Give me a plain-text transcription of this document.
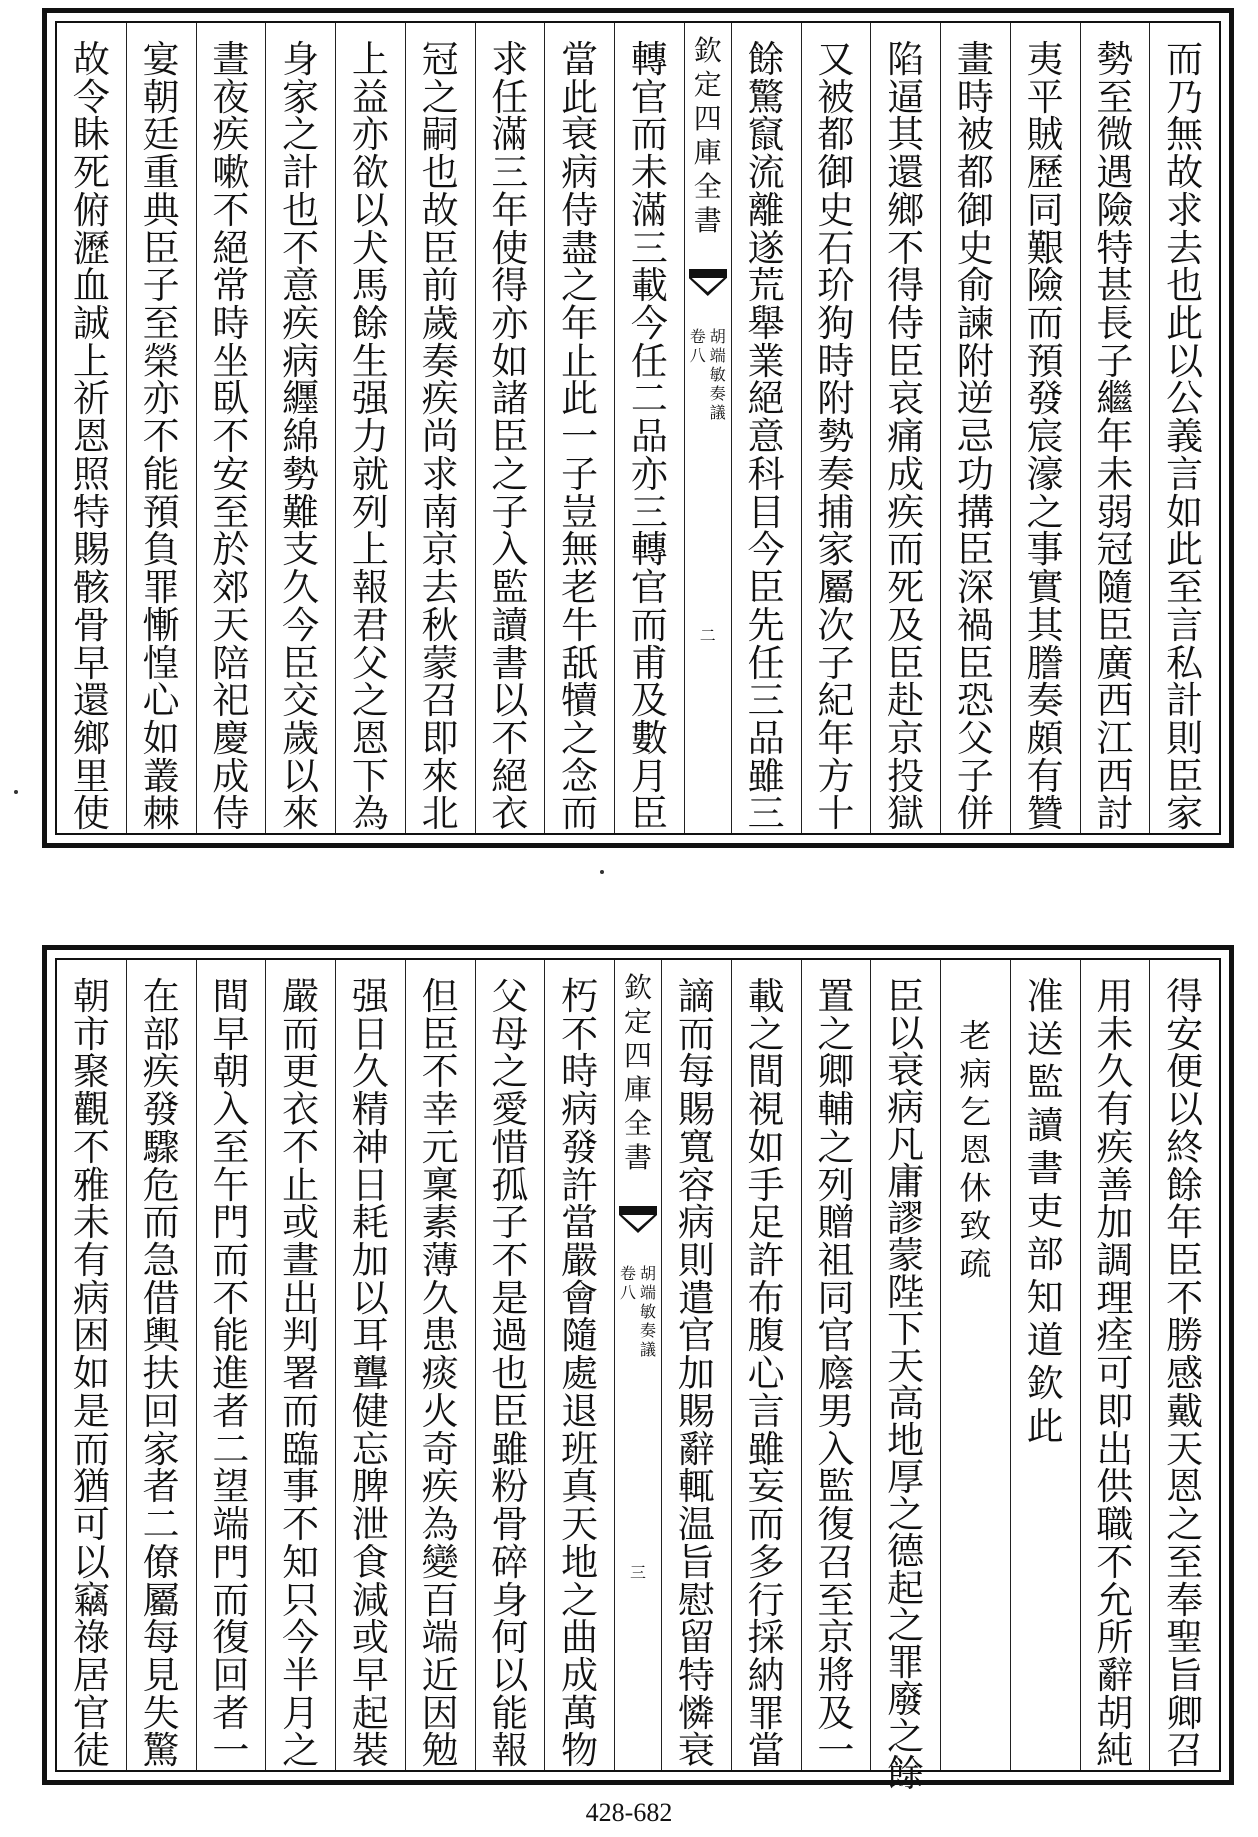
而
乃
無
故
求
去
也
此
以
公
義
言
如
此
至
言
私
計
則
臣
家
勢
至
微
遇
險
特
甚
長
子
繼
年
未
弱
冠
隨
臣
廣
西
江
西
討
夷
平
賊
歷
同
艱
險
而
預
發
宸
濠
之
事
實
其
謄
奏
頗
有
贊
畫
時
被
都
御
史
俞
諫
附
逆
忌
功
搆
臣
深
禍
臣
恐
父
子
併
陷
逼
其
還
鄉
不
得
侍
臣
哀
痛
成
疾
而
死
及
臣
赴
京
投
獄
又
被
都
御
史
石
玠
狗
時
附
勢
奏
捕
家
屬
次
子
紀
年
方
十
餘
驚
竄
流
離
遂
荒
舉
業
絕
意
科
目
今
臣
先
任
三
品
雖
三
欽
定
四
庫
全
書
胡
端
敏
奏
議
卷
八
二
轉
官
而
未
滿
三
載
今
任
二
品
亦
三
轉
官
而
甫
及
數
月
臣
當
此
衰
病
侍
盡
之
年
止
此
一
子
豈
無
老
牛
舐
犢
之
念
而
求
任
滿
三
年
使
得
亦
如
諸
臣
之
子
入
監
讀
書
以
不
絕
衣
冠
之
嗣
也
故
臣
前
歲
奏
疾
尚
求
南
京
去
秋
蒙
召
即
來
北
上
益
亦
欲
以
犬
馬
餘
生
强
力
就
列
上
報
君
父
之
恩
下
為
身
家
之
計
也
不
意
疾
病
纒
綿
勢
難
支
久
今
臣
交
歲
以
來
晝
夜
疾
嗽
不
絕
常
時
坐
臥
不
安
至
於
郊
天
陪
祀
慶
成
侍
宴
朝
廷
重
典
臣
子
至
榮
亦
不
能
預
負
罪
慚
惶
心
如
叢
棘
故
令
眛
死
俯
瀝
血
誠
上
祈
恩
照
特
賜
骸
骨
早
還
鄉
里
使
得
安
便
以
終
餘
年
臣
不
勝
感
戴
天
恩
之
至
奉
聖
旨
卿
召
用
未
久
有
疾
善
加
調
理
痊
可
即
出
供
職
不
允
所
辭
胡
純
准
送
監
讀
書
吏
部
知
道
欽
此
老
病
乞
恩
休
致
疏
臣
以
衰
病
凡
庸
謬
蒙
陛
下
天
高
地
厚
之
德
起
之
罪
廢
之
餘
置
之
卿
輔
之
列
贈
祖
同
官
廕
男
入
監
復
召
至
京
將
及
一
載
之
間
視
如
手
足
許
布
腹
心
言
雖
妄
而
多
行
採
納
罪
當
謫
而
每
賜
寬
容
病
則
遣
官
加
賜
辭
輒
温
旨
慰
留
特
憐
衰
欽
定
四
庫
全
書
胡
端
敏
奏
議
卷
八
三
朽
不
時
病
發
許
當
嚴
會
隨
處
退
班
真
天
地
之
曲
成
萬
物
父
母
之
愛
惜
孤
子
不
是
過
也
臣
雖
粉
骨
碎
身
何
以
能
報
但
臣
不
幸
元
稟
素
薄
久
患
痰
火
奇
疾
為
變
百
端
近
因
勉
强
日
久
精
神
日
耗
加
以
耳
聾
健
忘
脾
泄
食
減
或
早
起
裝
嚴
而
更
衣
不
止
或
晝
出
判
署
而
臨
事
不
知
只
今
半
月
之
間
早
朝
入
至
午
門
而
不
能
進
者
二
望
端
門
而
復
回
者
一
在
部
疾
發
驟
危
而
急
借
輿
扶
回
家
者
二
僚
屬
每
見
失
驚
朝
市
聚
觀
不
雅
未
有
病
困
如
是
而
猶
可
以
竊
祿
居
官
徒
428-682
